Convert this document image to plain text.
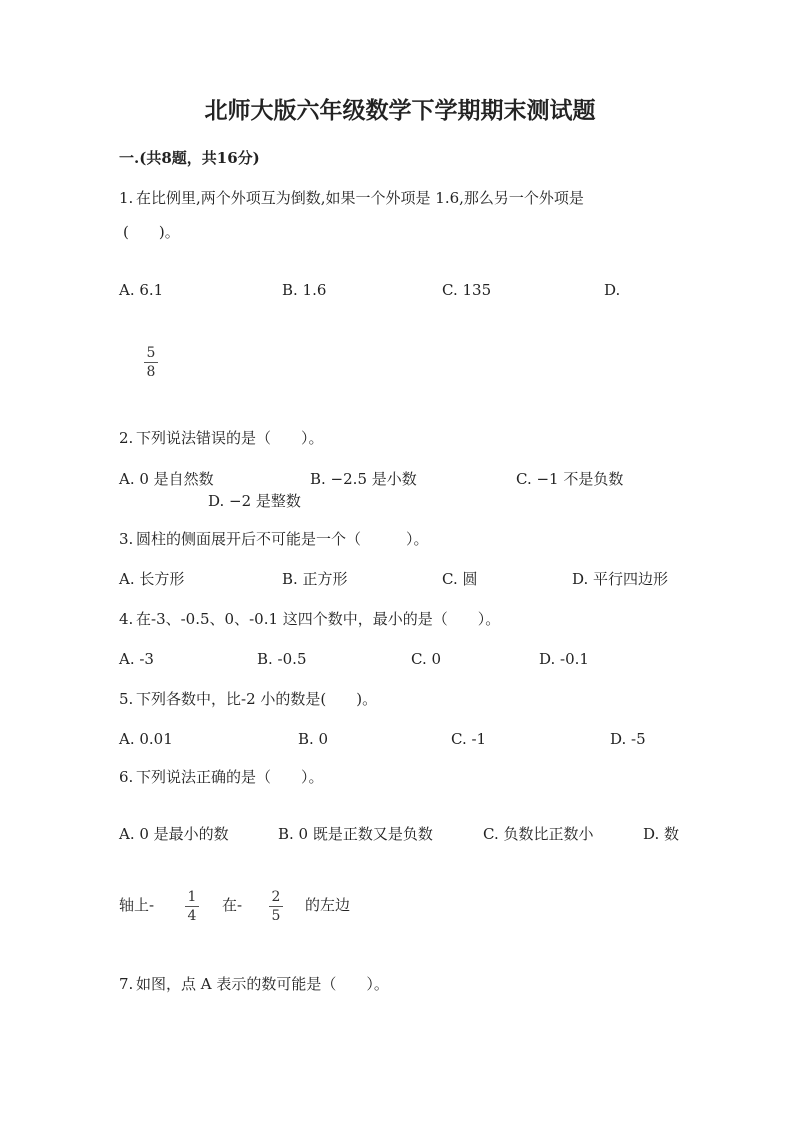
北师大版六年级数学下学期期末测试题
一.(共8题，共16分)
1. 在比例里,两个外项互为倒数,如果一个外项是 1.6,那么另一个外项是
(　　)。
A. 6.1	B. 1.6	C. 135	D.
5
8
2. 下列说法错误的是（　　）。
A. 0 是自然数	B. −2.5 是小数	C. −1 不是负数
D. −2 是整数
3. 圆柱的侧面展开后不可能是一个（　　　）。
A. 长方形	B. 正方形	C. 圆	D. 平行四边形
4. 在-3、-0.5、0、-0.1 这四个数中，最小的是（　　）。
A. -3	B. -0.5	C. 0	D. -0.1
5. 下列各数中，比-2 小的数是(　　)。
A. 0.01	B. 0	C. -1	D. -5
6. 下列说法正确的是（　　）。
A. 0 是最小的数	B. 0 既是正数又是负数	C. 负数比正数小	D. 数
轴上- 1
4
在- 2
5
的左边
7. 如图，点 A 表示的数可能是（　　）。
